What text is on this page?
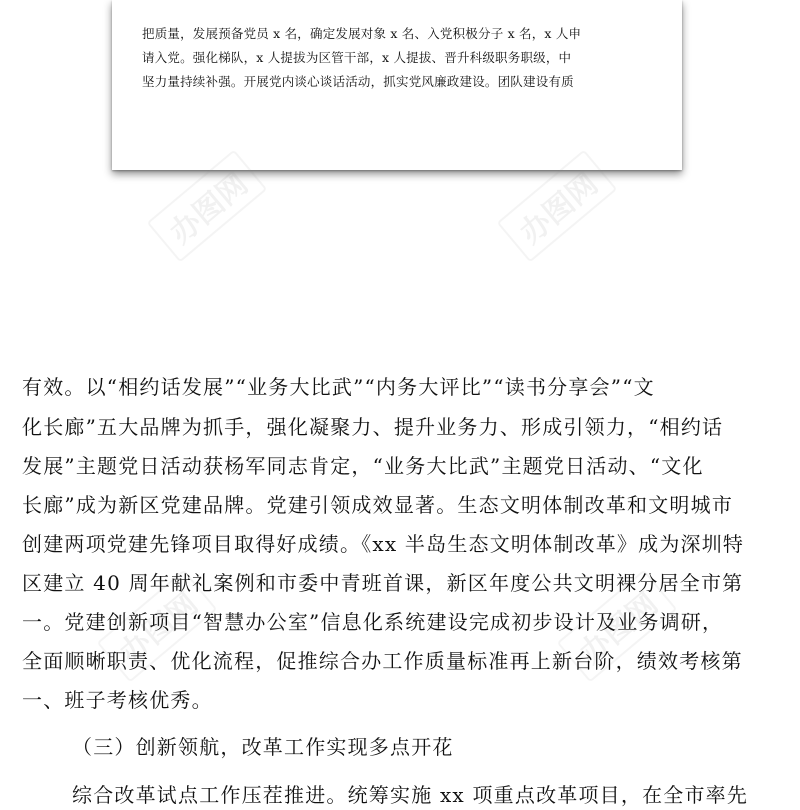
把质量，发展预备党员 x 名，确定发展对象 x 名、入党积极分子 x 名，x 人申
请入党。强化梯队，x 人提拔为区管干部，x 人提拔、晋升科级职务职级，中
坚力量持续补强。开展党内谈心谈话活动，抓实党风廉政建设。团队建设有质
办图网	办图网
办图网	办图网
有效。以“相约话发展”“业务大比武”“内务大评比”“读书分享会”“文
化长廊”五大品牌为抓手，强化凝聚力、提升业务力、形成引领力，“相约话
发展”主题党日活动获杨军同志肯定，“业务大比武”主题党日活动、“文化
长廊”成为新区党建品牌。党建引领成效显著。生态文明体制改革和文明城市
创建两项党建先锋项目取得好成绩。《xx 半岛生态文明体制改革》成为深圳特
区建立 40 周年献礼案例和市委中青班首课，新区年度公共文明裸分居全市第
一。党建创新项目“智慧办公室”信息化系统建设完成初步设计及业务调研，
全面顺晰职责、优化流程，促推综合办工作质量标准再上新台阶，绩效考核第
一、班子考核优秀。
（三）创新领航，改革工作实现多点开花
综合改革试点工作压茬推进。统筹实施 xx 项重点改革项目，在全市率先
